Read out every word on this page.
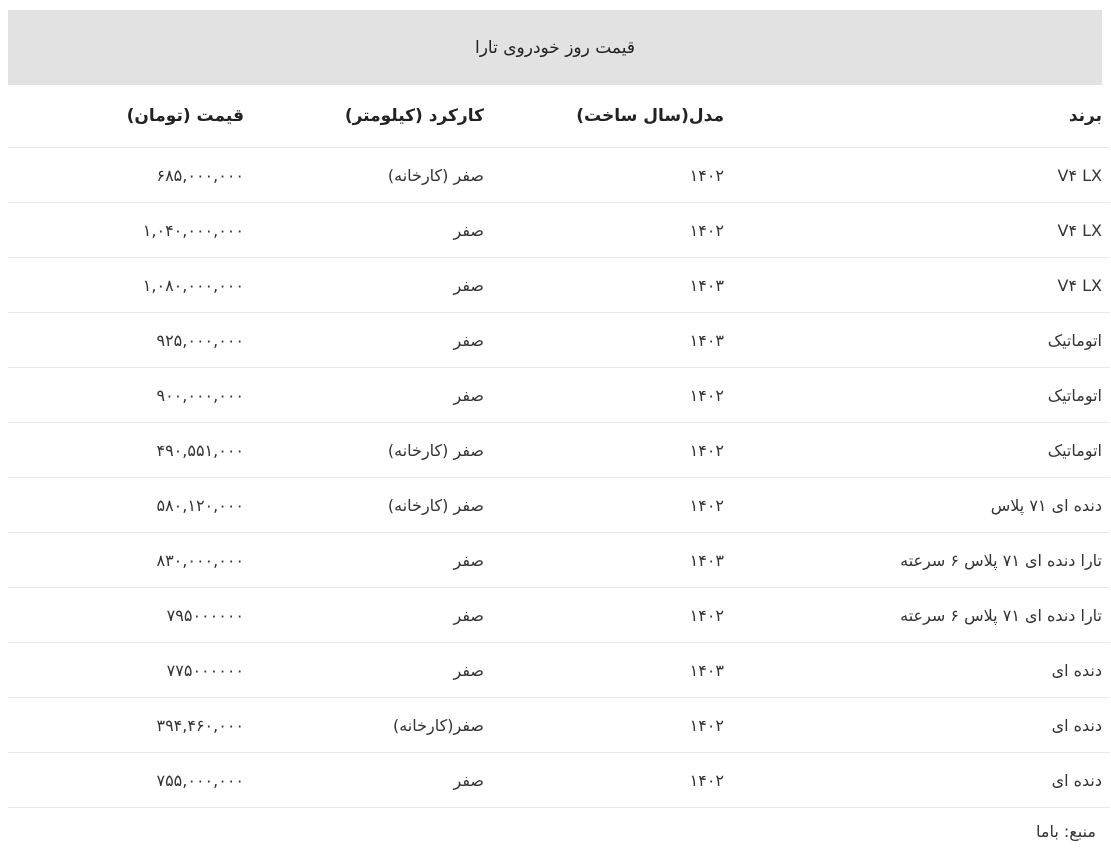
قیمت روز خودروی تارا
برند	مدل(سال ساخت)	کارکرد (کیلومتر)	قیمت (تومان)
V۴ LX	۱۴۰۲	صفر (کارخانه)	۶۸۵,۰۰۰,۰۰۰
V۴ LX	۱۴۰۲	صفر	۱,۰۴۰,۰۰۰,۰۰۰
V۴ LX	۱۴۰۳	صفر	۱,۰۸۰,۰۰۰,۰۰۰
اتوماتیک	۱۴۰۳	صفر	۹۲۵,۰۰۰,۰۰۰
اتوماتیک	۱۴۰۲	صفر	۹۰۰,۰۰۰,۰۰۰
اتوماتیک	۱۴۰۲	صفر (کارخانه)	۴۹۰,۵۵۱,۰۰۰
دنده ای ۷۱ پلاس	۱۴۰۲	صفر (کارخانه)	۵۸۰,۱۲۰,۰۰۰
تارا دنده ای ۷۱ پلاس ۶ سرعته	۱۴۰۳	صفر	۸۳۰,۰۰۰,۰۰۰
تارا دنده ای ۷۱ پلاس ۶ سرعته	۱۴۰۲	صفر	۷۹۵۰۰۰۰۰۰
دنده ای	۱۴۰۳	صفر	۷۷۵۰۰۰۰۰۰
دنده ای	۱۴۰۲	صفر(کارخانه)	۳۹۴,۴۶۰,۰۰۰
دنده ای	۱۴۰۲	صفر	۷۵۵,۰۰۰,۰۰۰
منبع: باما
